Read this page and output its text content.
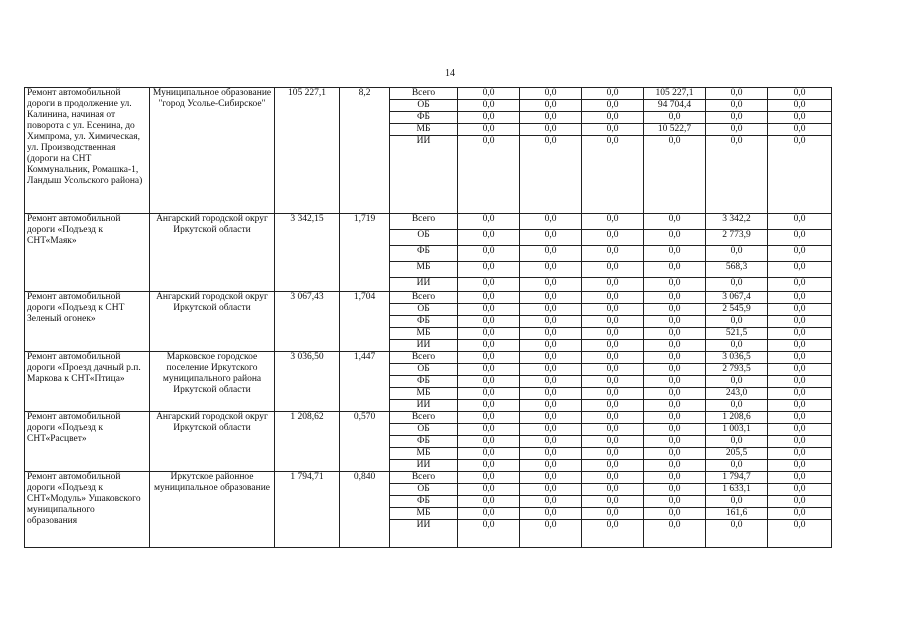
14
Ремонт автомобильной дороги в продолжение ул. Калинина, начиная от поворота с ул. Есенина, до Химпрома, ул. Химическая, ул. Производственная (дороги на СНТ Коммунальник, Ромашка-1, Ландыш Усольского района)	Муниципальное образование "город Усолье-Сибирское"	105 227,1	8,2	Всего	0,0	0,0	0,0	105 227,1	0,0	0,0
				ОБ	0,0	0,0	0,0	94 704,4	0,0	0,0
				ФБ	0,0	0,0	0,0	0,0	0,0	0,0
				МБ	0,0	0,0	0,0	10 522,7	0,0	0,0
				ИИ	0,0	0,0	0,0	0,0	0,0	0,0
Ремонт автомобильной дороги «Подъезд к СНТ«Маяк»	Ангарский городской округ Иркутской области	3 342,15	1,719	Всего	0,0	0,0	0,0	0,0	3 342,2	0,0
				ОБ	0,0	0,0	0,0	0,0	2 773,9	0,0
				ФБ	0,0	0,0	0,0	0,0	0,0	0,0
				МБ	0,0	0,0	0,0	0,0	568,3	0,0
				ИИ	0,0	0,0	0,0	0,0	0,0	0,0
Ремонт автомобильной дороги «Подъезд к СНТ Зеленый огонек»	Ангарский городской округ Иркутской области	3 067,43	1,704	Всего	0,0	0,0	0,0	0,0	3 067,4	0,0
				ОБ	0,0	0,0	0,0	0,0	2 545,9	0,0
				ФБ	0,0	0,0	0,0	0,0	0,0	0,0
				МБ	0,0	0,0	0,0	0,0	521,5	0,0
				ИИ	0,0	0,0	0,0	0,0	0,0	0,0
Ремонт автомобильной дороги «Проезд дачный р.п. Маркова к СНТ«Птица»	Марковское городское поселение Иркутского муниципального района Иркутской области	3 036,50	1,447	Всего	0,0	0,0	0,0	0,0	3 036,5	0,0
				ОБ	0,0	0,0	0,0	0,0	2 793,5	0,0
				ФБ	0,0	0,0	0,0	0,0	0,0	0,0
				МБ	0,0	0,0	0,0	0,0	243,0	0,0
				ИИ	0,0	0,0	0,0	0,0	0,0	0,0
Ремонт автомобильной дороги «Подъезд к СНТ«Расцвет»	Ангарский городской округ Иркутской области	1 208,62	0,570	Всего	0,0	0,0	0,0	0,0	1 208,6	0,0
				ОБ	0,0	0,0	0,0	0,0	1 003,1	0,0
				ФБ	0,0	0,0	0,0	0,0	0,0	0,0
				МБ	0,0	0,0	0,0	0,0	205,5	0,0
				ИИ	0,0	0,0	0,0	0,0	0,0	0,0
Ремонт автомобильной дороги «Подъезд к СНТ«Модуль» Ушаковского муниципального образования	Иркутское районное муниципальное образование	1 794,71	0,840	Всего	0,0	0,0	0,0	0,0	1 794,7	0,0
				ОБ	0,0	0,0	0,0	0,0	1 633,1	0,0
				ФБ	0,0	0,0	0,0	0,0	0,0	0,0
				МБ	0,0	0,0	0,0	0,0	161,6	0,0
				ИИ	0,0	0,0	0,0	0,0	0,0	0,0
